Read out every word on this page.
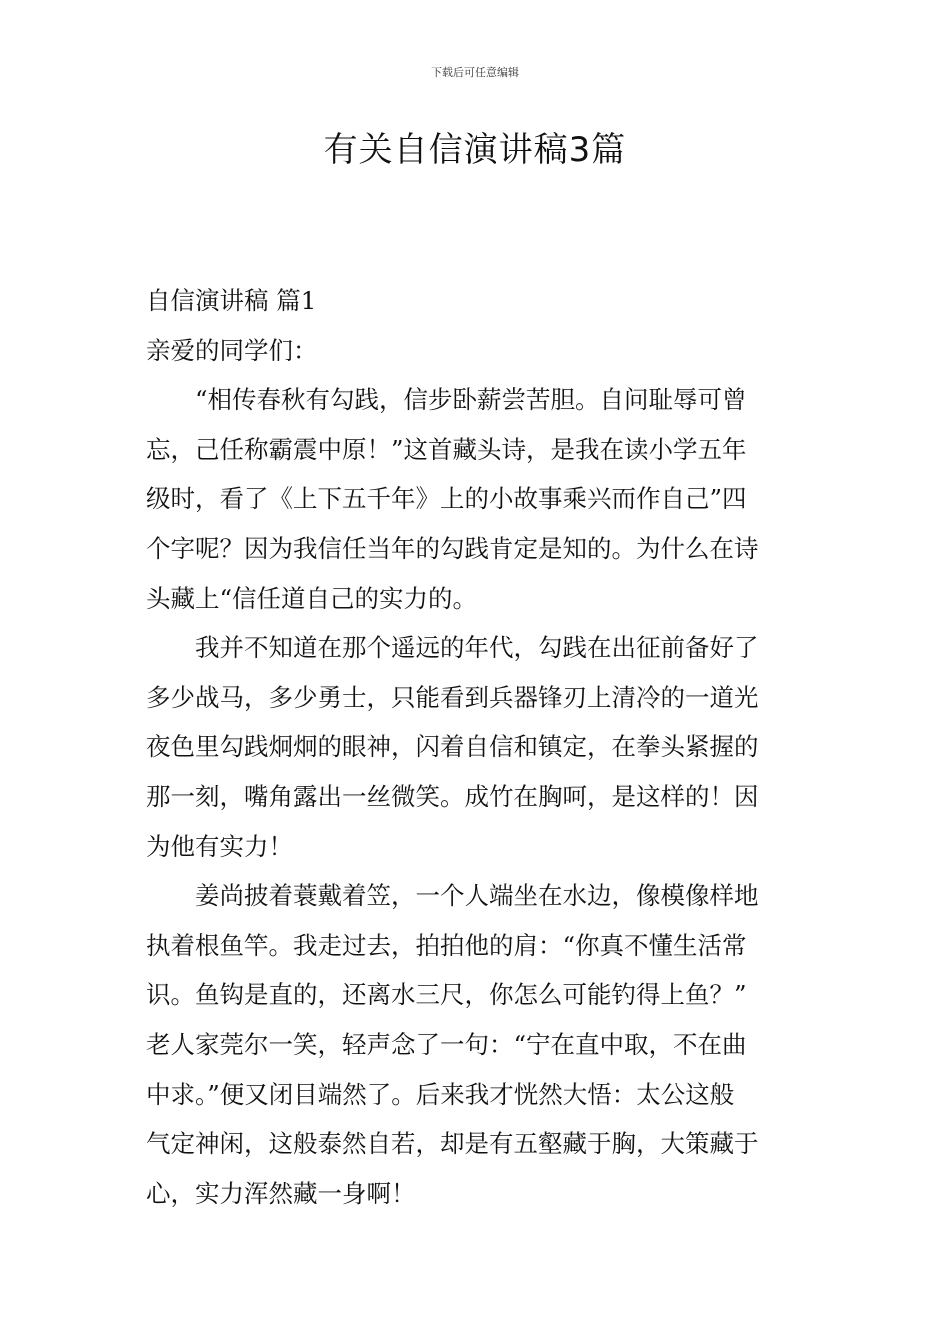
下载后可任意编辑
有关自信演讲稿3篇
自信演讲稿 篇1
亲爱的同学们：
“相传春秋有勾践，信步卧薪尝苦胆。自问耻辱可曾
忘，己任称霸震中原！”这首藏头诗，是我在读小学五年
级时，看了《上下五千年》上的小故事乘兴而作自己”四
个字呢？因为我信任当年的勾践肯定是知的。为什么在诗
头藏上“信任道自己的实力的。
我并不知道在那个遥远的年代，勾践在出征前备好了
多少战马，多少勇士，只能看到兵器锋刃上清冷的一道光
夜色里勾践炯炯的眼神，闪着自信和镇定，在拳头紧握的
那一刻，嘴角露出一丝微笑。成竹在胸呵，是这样的！因
为他有实力！
姜尚披着蓑戴着笠，一个人端坐在水边，像模像样地
执着根鱼竿。我走过去，拍拍他的肩：“你真不懂生活常
识。鱼钩是直的，还离水三尺，你怎么可能钓得上鱼？”
老人家莞尔一笑，轻声念了一句：“宁在直中取，不在曲
中求。”便又闭目端然了。后来我才恍然大悟：太公这般
气定神闲，这般泰然自若，却是有五壑藏于胸，大策藏于
心，实力浑然藏一身啊！
